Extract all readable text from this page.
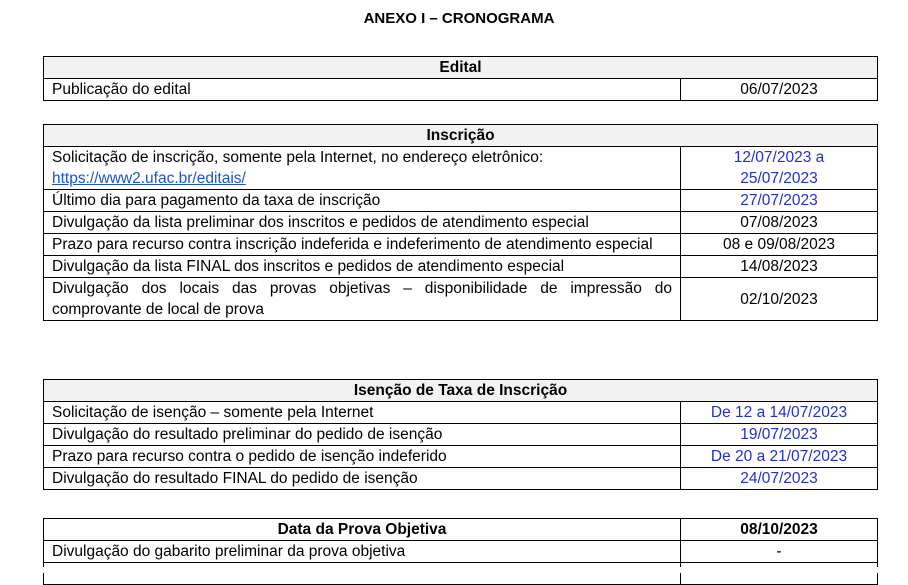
ANEXO I – CRONOGRAMA
Edital
Publicação do edital	06/07/2023
Inscrição	
Solicitação de inscrição, somente pela Internet, no endereço eletrônico:
https://www2.ufac.br/editais/	12/07/2023 a
25/07/2023
Último dia para pagamento da taxa de inscrição	27/07/2023
Divulgação da lista preliminar dos inscritos e pedidos de atendimento especial	07/08/2023
Prazo para recurso contra inscrição indeferida e indeferimento de atendimento especial	08 e 09/08/2023
Divulgação da lista FINAL dos inscritos e pedidos de atendimento especial	14/08/2023
Divulgação dos locais das provas objetivas – disponibilidade de impressão do comprovante de local de prova	02/10/2023
Isenção de Taxa de Inscrição	
Solicitação de isenção – somente pela Internet	De 12 a 14/07/2023
Divulgação do resultado preliminar do pedido de isenção	19/07/2023
Prazo para recurso contra o pedido de isenção indeferido	De 20 a 21/07/2023
Divulgação do resultado FINAL do pedido de isenção	24/07/2023
Data da Prova Objetiva	08/10/2023
Divulgação do gabarito preliminar da prova objetiva	-
